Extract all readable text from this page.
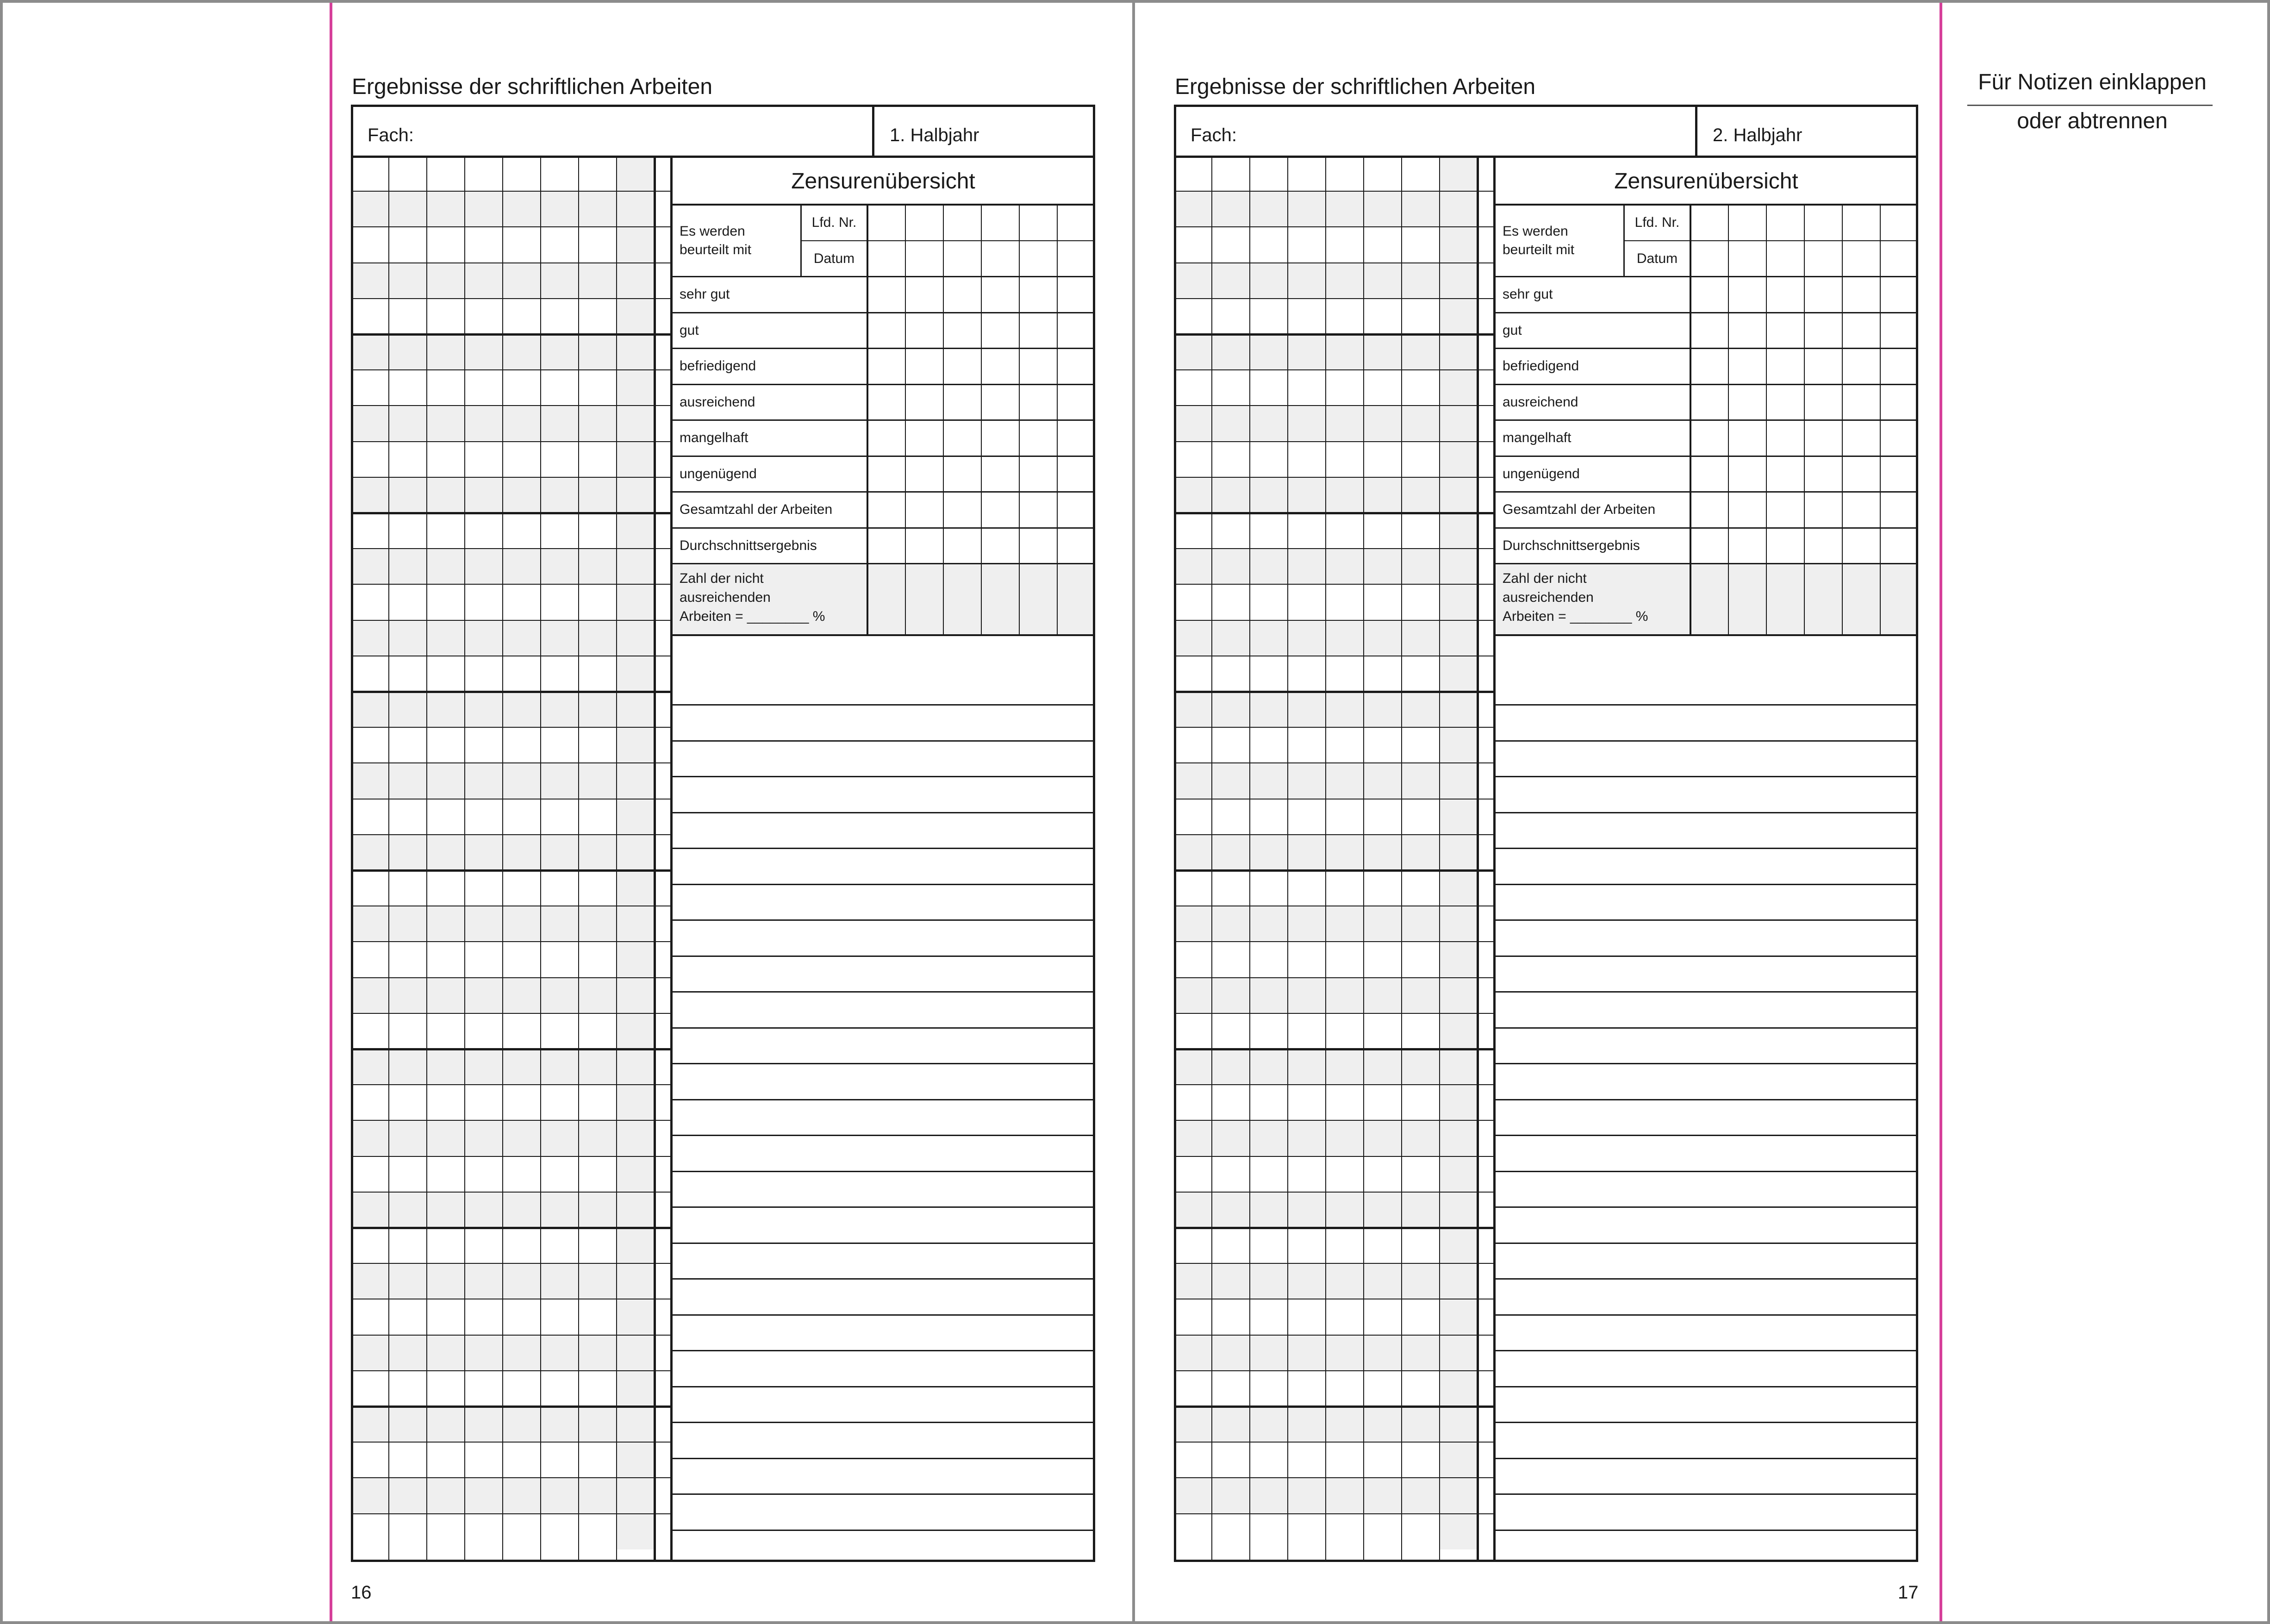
Ergebnisse der schriftlichen Arbeiten	Ergebnisse der schriftlichen Arbeiten
16	17
Für Notizen einklappen
oder abtrennen
Fach:	1. Halbjahr
Zensurenübersicht
Es werden
beurteilt mit
Lfd. Nr.
Datum
sehr gut
gut
befriedigend
ausreichend
mangelhaft
ungenügend
Gesamtzahl der Arbeiten
Durchschnittsergebnis
Zahl der nicht
ausreichenden
Arbeiten = ________ %
Fach:	2. Halbjahr
Zensurenübersicht
Es werden
beurteilt mit
Lfd. Nr.
Datum
sehr gut
gut
befriedigend
ausreichend
mangelhaft
ungenügend
Gesamtzahl der Arbeiten
Durchschnittsergebnis
Zahl der nicht
ausreichenden
Arbeiten = ________ %
